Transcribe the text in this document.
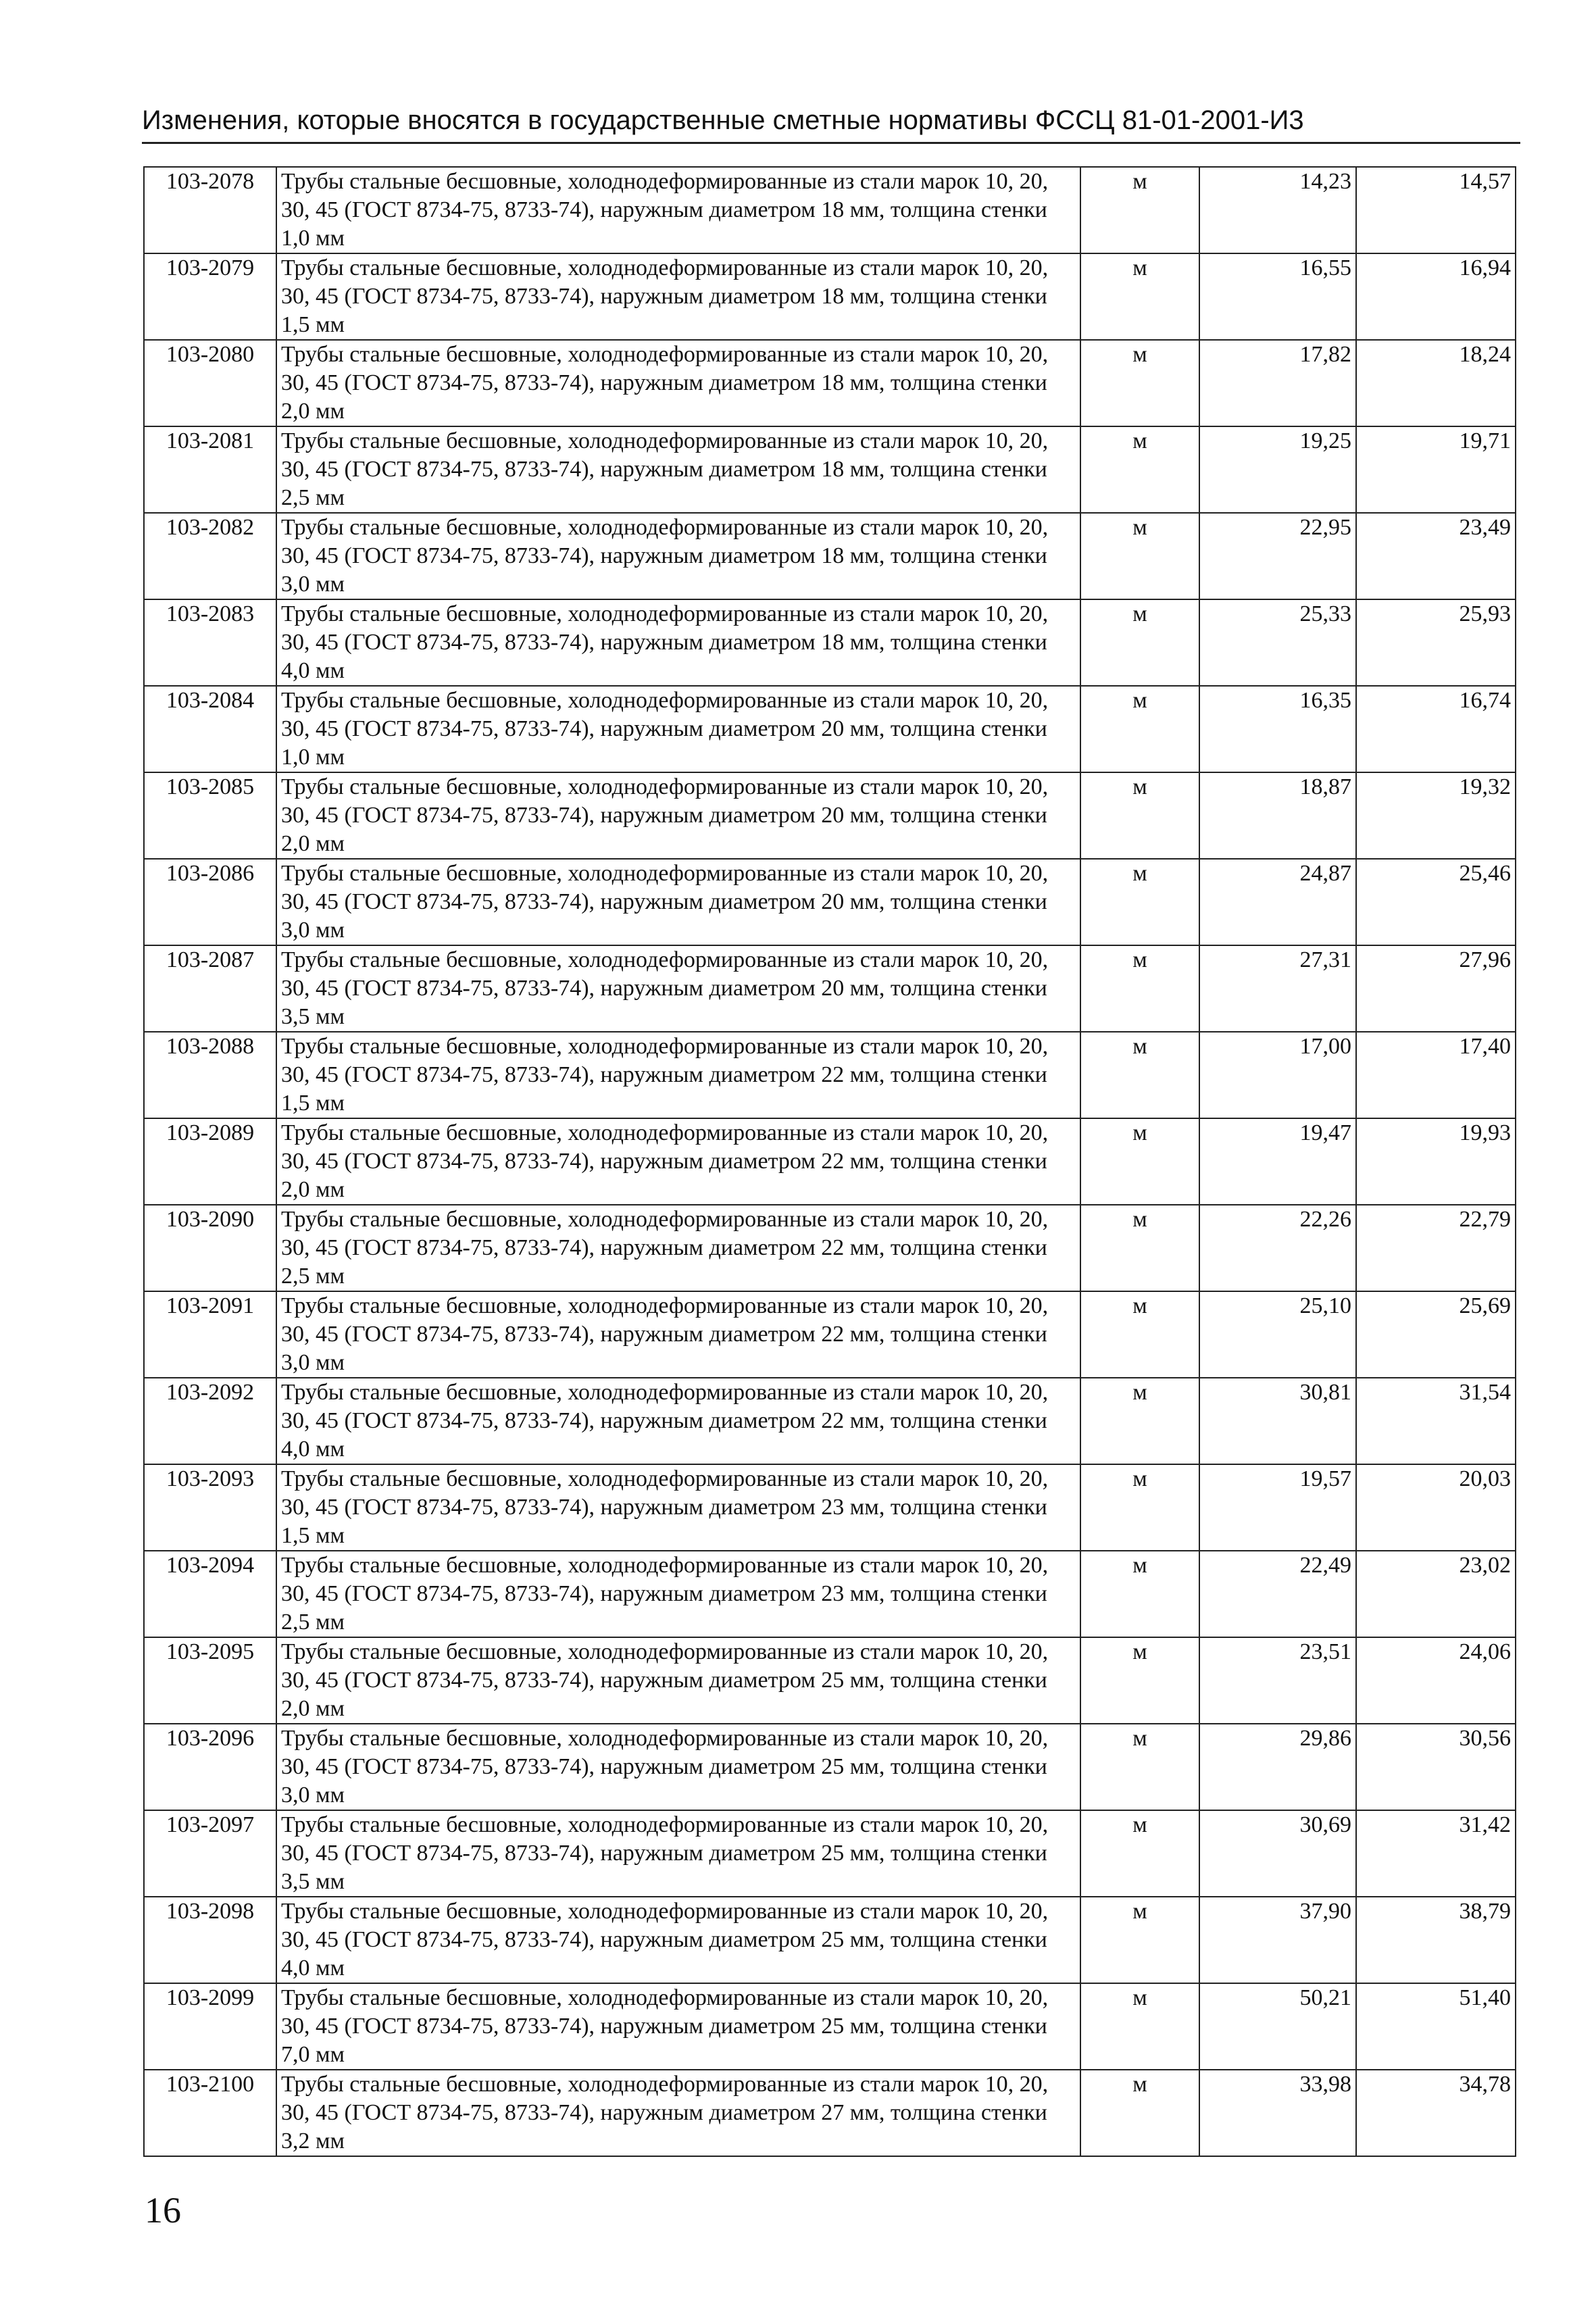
Изменения, которые вносятся в государственные сметные нормативы ФССЦ 81-01-2001-И3
103-2078	Трубы стальные бесшовные, холоднодеформированные из стали марок 10, 20, 30, 45 (ГОСТ 8734-75, 8733-74), наружным диаметром 18 мм, толщина стенки 1,0 мм	м	14,23	14,57
103-2079	Трубы стальные бесшовные, холоднодеформированные из стали марок 10, 20, 30, 45 (ГОСТ 8734-75, 8733-74), наружным диаметром 18 мм, толщина стенки 1,5 мм	м	16,55	16,94
103-2080	Трубы стальные бесшовные, холоднодеформированные из стали марок 10, 20, 30, 45 (ГОСТ 8734-75, 8733-74), наружным диаметром 18 мм, толщина стенки 2,0 мм	м	17,82	18,24
103-2081	Трубы стальные бесшовные, холоднодеформированные из стали марок 10, 20, 30, 45 (ГОСТ 8734-75, 8733-74), наружным диаметром 18 мм, толщина стенки 2,5 мм	м	19,25	19,71
103-2082	Трубы стальные бесшовные, холоднодеформированные из стали марок 10, 20, 30, 45 (ГОСТ 8734-75, 8733-74), наружным диаметром 18 мм, толщина стенки 3,0 мм	м	22,95	23,49
103-2083	Трубы стальные бесшовные, холоднодеформированные из стали марок 10, 20, 30, 45 (ГОСТ 8734-75, 8733-74), наружным диаметром 18 мм, толщина стенки 4,0 мм	м	25,33	25,93
103-2084	Трубы стальные бесшовные, холоднодеформированные из стали марок 10, 20, 30, 45 (ГОСТ 8734-75, 8733-74), наружным диаметром 20 мм, толщина стенки 1,0 мм	м	16,35	16,74
103-2085	Трубы стальные бесшовные, холоднодеформированные из стали марок 10, 20, 30, 45 (ГОСТ 8734-75, 8733-74), наружным диаметром 20 мм, толщина стенки 2,0 мм	м	18,87	19,32
103-2086	Трубы стальные бесшовные, холоднодеформированные из стали марок 10, 20, 30, 45 (ГОСТ 8734-75, 8733-74), наружным диаметром 20 мм, толщина стенки 3,0 мм	м	24,87	25,46
103-2087	Трубы стальные бесшовные, холоднодеформированные из стали марок 10, 20, 30, 45 (ГОСТ 8734-75, 8733-74), наружным диаметром 20 мм, толщина стенки 3,5 мм	м	27,31	27,96
103-2088	Трубы стальные бесшовные, холоднодеформированные из стали марок 10, 20, 30, 45 (ГОСТ 8734-75, 8733-74), наружным диаметром 22 мм, толщина стенки 1,5 мм	м	17,00	17,40
103-2089	Трубы стальные бесшовные, холоднодеформированные из стали марок 10, 20, 30, 45 (ГОСТ 8734-75, 8733-74), наружным диаметром 22 мм, толщина стенки 2,0 мм	м	19,47	19,93
103-2090	Трубы стальные бесшовные, холоднодеформированные из стали марок 10, 20, 30, 45 (ГОСТ 8734-75, 8733-74), наружным диаметром 22 мм, толщина стенки 2,5 мм	м	22,26	22,79
103-2091	Трубы стальные бесшовные, холоднодеформированные из стали марок 10, 20, 30, 45 (ГОСТ 8734-75, 8733-74), наружным диаметром 22 мм, толщина стенки 3,0 мм	м	25,10	25,69
103-2092	Трубы стальные бесшовные, холоднодеформированные из стали марок 10, 20, 30, 45 (ГОСТ 8734-75, 8733-74), наружным диаметром 22 мм, толщина стенки 4,0 мм	м	30,81	31,54
103-2093	Трубы стальные бесшовные, холоднодеформированные из стали марок 10, 20, 30, 45 (ГОСТ 8734-75, 8733-74), наружным диаметром 23 мм, толщина стенки 1,5 мм	м	19,57	20,03
103-2094	Трубы стальные бесшовные, холоднодеформированные из стали марок 10, 20, 30, 45 (ГОСТ 8734-75, 8733-74), наружным диаметром 23 мм, толщина стенки 2,5 мм	м	22,49	23,02
103-2095	Трубы стальные бесшовные, холоднодеформированные из стали марок 10, 20, 30, 45 (ГОСТ 8734-75, 8733-74), наружным диаметром 25 мм, толщина стенки 2,0 мм	м	23,51	24,06
103-2096	Трубы стальные бесшовные, холоднодеформированные из стали марок 10, 20, 30, 45 (ГОСТ 8734-75, 8733-74), наружным диаметром 25 мм, толщина стенки 3,0 мм	м	29,86	30,56
103-2097	Трубы стальные бесшовные, холоднодеформированные из стали марок 10, 20, 30, 45 (ГОСТ 8734-75, 8733-74), наружным диаметром 25 мм, толщина стенки 3,5 мм	м	30,69	31,42
103-2098	Трубы стальные бесшовные, холоднодеформированные из стали марок 10, 20, 30, 45 (ГОСТ 8734-75, 8733-74), наружным диаметром 25 мм, толщина стенки 4,0 мм	м	37,90	38,79
103-2099	Трубы стальные бесшовные, холоднодеформированные из стали марок 10, 20, 30, 45 (ГОСТ 8734-75, 8733-74), наружным диаметром 25 мм, толщина стенки 7,0 мм	м	50,21	51,40
103-2100	Трубы стальные бесшовные, холоднодеформированные из стали марок 10, 20, 30, 45 (ГОСТ 8734-75, 8733-74), наружным диаметром 27 мм, толщина стенки 3,2 мм	м	33,98	34,78
16
